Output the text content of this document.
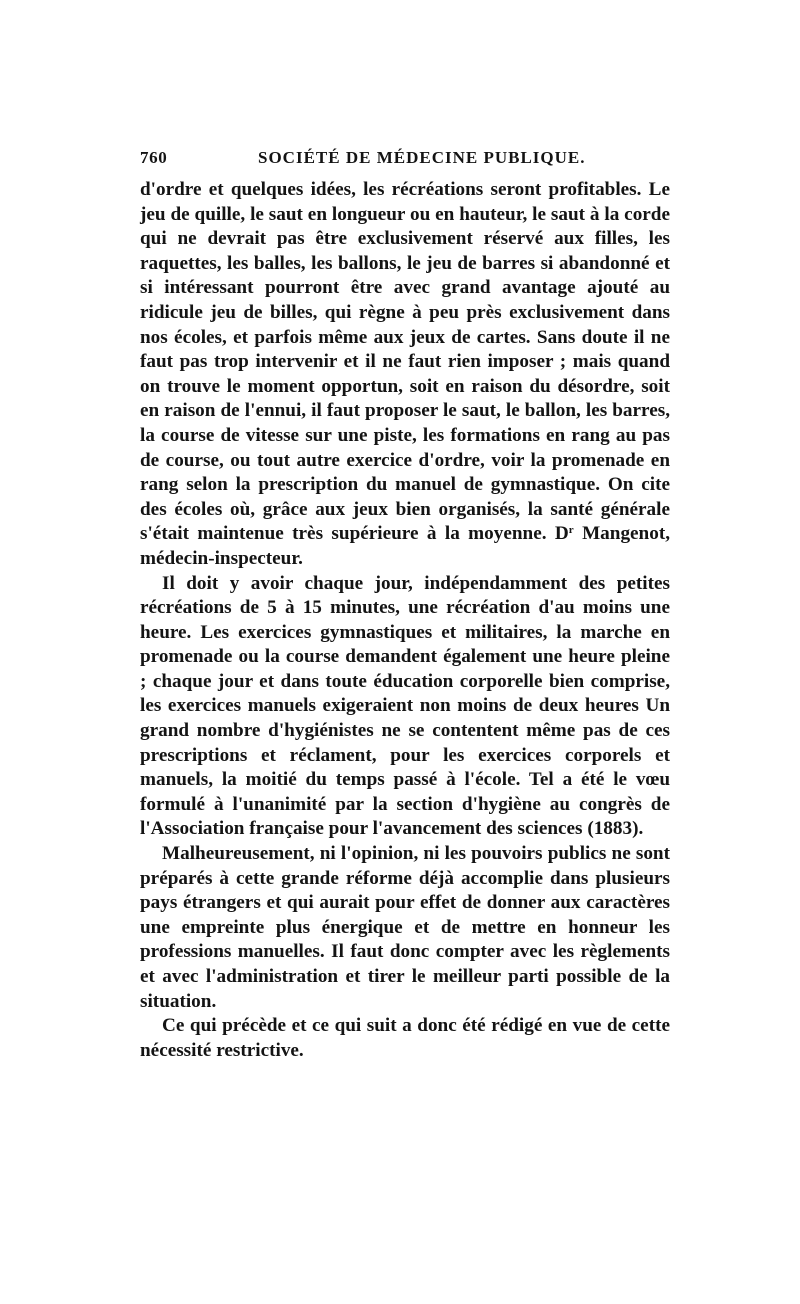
760	SOCIÉTÉ DE MÉDECINE PUBLIQUE.

d'ordre et quelques idées, les récréations seront profitables. Le jeu de quille, le saut en longueur ou en hauteur, le saut à la corde qui ne devrait pas être exclusivement réservé aux filles, les raquettes, les balles, les ballons, le jeu de barres si abandonné et si intéressant pourront être avec grand avantage ajouté au ridicule jeu de billes, qui règne à peu près exclusivement dans nos écoles, et parfois même aux jeux de cartes. Sans doute il ne faut pas trop intervenir et il ne faut rien imposer ; mais quand on trouve le moment opportun, soit en raison du désordre, soit en raison de l'ennui, il faut proposer le saut, le ballon, les barres, la course de vitesse sur une piste, les formations en rang au pas de course, ou tout autre exercice d'ordre, voir la promenade en rang selon la prescription du manuel de gymnastique. On cite des écoles où, grâce aux jeux bien organisés, la santé générale s'était maintenue très supérieure à la moyenne. $D^r$ Mangenot, médecin-inspecteur.

Il doit y avoir chaque jour, indépendamment des petites récréations de 5 à 15 minutes, une récréation d'au moins une heure. Les exercices gymnastiques et militaires, la marche en promenade ou la course demandent également une heure pleine ; chaque jour et dans toute éducation corporelle bien comprise, les exercices manuels exigeraient non moins de deux heures Un grand nombre d'hygiénistes ne se contentent même pas de ces prescriptions et réclament, pour les exercices corporels et manuels, la moitié du temps passé à l'école. Tel a été le vœu formulé à l'unanimité par la section d'hygiène au congrès de l'Association française pour l'avancement des sciences (1883).

Malheureusement, ni l'opinion, ni les pouvoirs publics ne sont préparés à cette grande réforme déjà accomplie dans plusieurs pays étrangers et qui aurait pour effet de donner aux caractères une empreinte plus énergique et de mettre en honneur les professions manuelles. Il faut donc compter avec les règlements et avec l'administration et tirer le meilleur parti possible de la situation.

Ce qui précède et ce qui suit a donc été rédigé en vue de cette nécessité restrictive.
